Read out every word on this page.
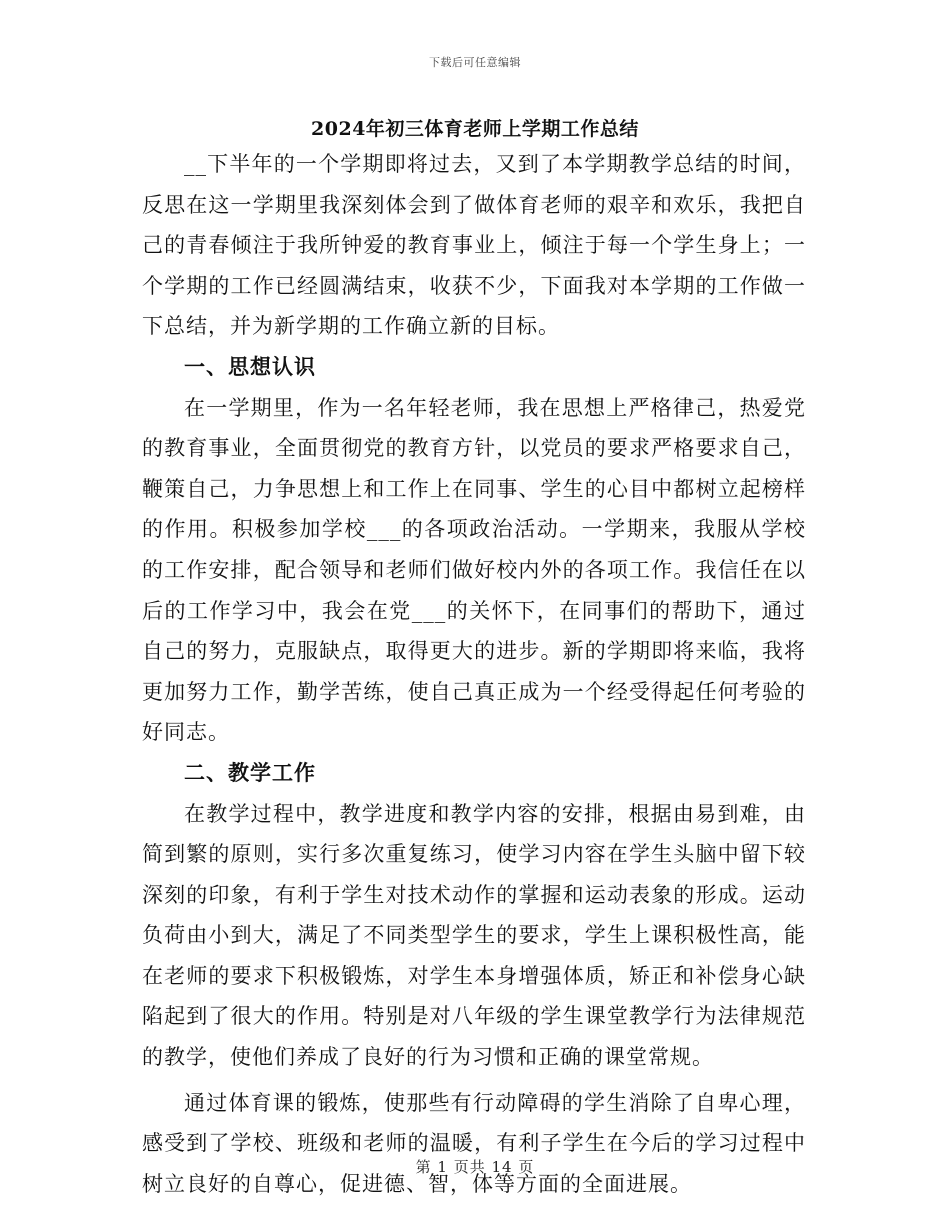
下载后可任意编辑
2024年初三体育老师上学期工作总结

__下半年的一个学期即将过去，又到了本学期教学总结的时间，反思在这一学期里我深刻体会到了做体育老师的艰辛和欢乐，我把自己的青春倾注于我所钟爱的教育事业上，倾注于每一个学生身上；一个学期的工作已经圆满结束，收获不少，下面我对本学期的工作做一下总结，并为新学期的工作确立新的目标。

一、思想认识

在一学期里，作为一名年轻老师，我在思想上严格律己，热爱党的教育事业，全面贯彻党的教育方针，以党员的要求严格要求自己，鞭策自己，力争思想上和工作上在同事、学生的心目中都树立起榜样的作用。积极参加学校___的各项政治活动。一学期来，我服从学校的工作安排，配合领导和老师们做好校内外的各项工作。我信任在以后的工作学习中，我会在党___的关怀下，在同事们的帮助下，通过自己的努力，克服缺点，取得更大的进步。新的学期即将来临，我将更加努力工作，勤学苦练，使自己真正成为一个经受得起任何考验的好同志。

二、教学工作

在教学过程中，教学进度和教学内容的安排，根据由易到难，由简到繁的原则，实行多次重复练习，使学习内容在学生头脑中留下较深刻的印象，有利于学生对技术动作的掌握和运动表象的形成。运动负荷由小到大，满足了不同类型学生的要求，学生上课积极性高，能在老师的要求下积极锻炼，对学生本身增强体质，矫正和补偿身心缺陷起到了很大的作用。特别是对八年级的学生课堂教学行为法律规范的教学，使他们养成了良好的行为习惯和正确的课堂常规。

通过体育课的锻炼，使那些有行动障碍的学生消除了自卑心理，感受到了学校、班级和老师的温暖，有利子学生在今后的学习过程中树立良好的自尊心，促进德、智，体等方面的全面进展。

第 1 页共 14 页
